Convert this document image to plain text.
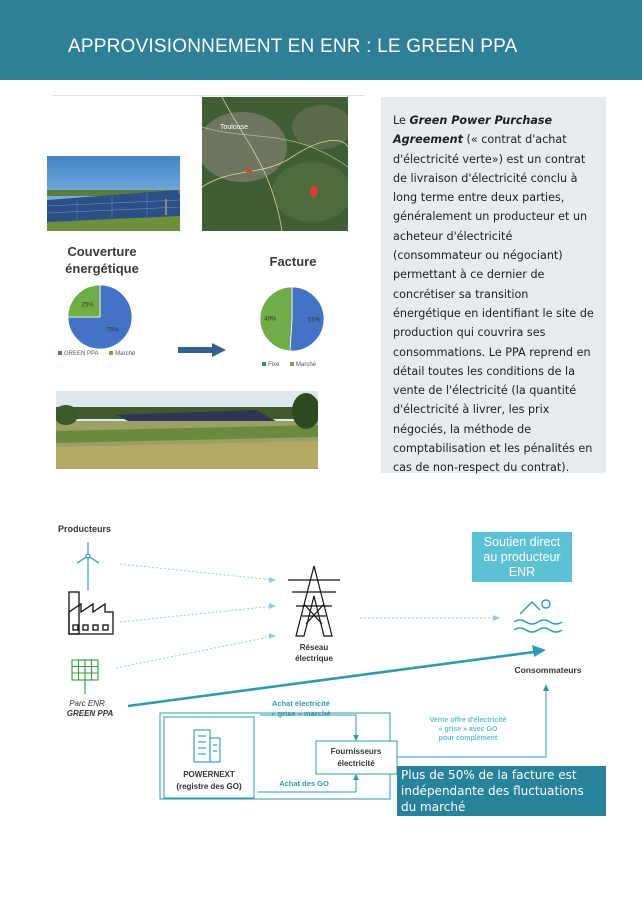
APPROVISIONNEMENT EN ENR : LE GREEN PPA
Toulouse

Le Green Power Purchase Agreement (« contrat d'achat d'électricité verte») est un contrat de livraison d'électricité conclu à long terme entre deux parties, généralement un producteur et un acheteur d'électricité (consommateur ou négociant) permettant à ce dernier de concrétiser sa transition énergétique en identifiant le site de production qui couvrira ses consommations. Le PPA reprend en détail toutes les conditions de la vente de l'électricité (la quantité d'électricité à livrer, les prix négociés, la méthode de comptabilisation et les pénalités en cas de non-respect du contrat).

Couverture
énergétique
75%
25%
GREEN PPA	Marché
Facture
51%
49%
Fixe	Marché
Producteurs
Parc ENR
GREEN PPA
Réseau
électrique
Consommateurs
Achat électricité
« grise » marché
Achat des GO
POWERNEXT
(registre des GO)
Fournisseurs
électricité
Vente offre d'électricité
« grise » avec GO
pour complément
Soutien direct
au producteur
ENR
Plus de 50% de la facture est indépendante des fluctuations du marché
